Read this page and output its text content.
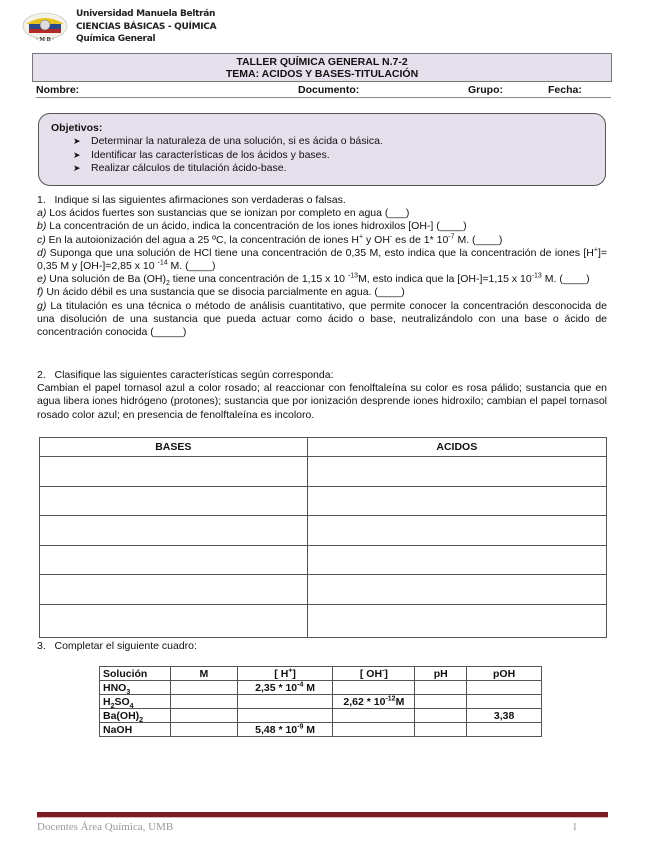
· M B ·
Universidad Manuela Beltrán
CIENCIAS BÁSICAS - QUÍMICA
Química General
TALLER QUÍMICA GENERAL N.7-2
TEMA: ACIDOS Y BASES-TITULACIÓN
Nombre:	Documento:	Grupo:	Fecha:
Objetivos:
➤ Determinar la naturaleza de una solución, si es ácida o básica.
➤ Identificar las características de los ácidos y bases.
➤ Realizar cálculos de titulación ácido-base.

1.   Indique si las siguientes afirmaciones son verdaderas o falsas.

a) Los ácidos fuertes son sustancias que se ionizan por completo en agua (___)

b) La concentración de un ácido, indica la concentración de los iones hidroxilos [OH-] (____)

c) En la autoionización del agua a 25 ºC, la concentración de iones H+ y OH- es de 1* $10^{-7}$ M. (____)

d) Suponga que una solución de HCl tiene una concentración de 0,35 M, esto indica que la concentración de iones [H+]= 0,35 M y [OH-]=2,85 x 10 $^{-14}$ M. (____)

e) Una solución de Ba $(OH)_2$ tiene una concentración de 1,15 x 10 $^{-13}$M, esto indica que la [OH-]=1,15 x $10^{-13}$ M. (____)

f) Un ácido débil es una sustancia que se disocia parcialmente en agua. (____)

g) La titulación es una técnica o método de análisis cuantitativo, que permite conocer la concentración desconocida de una disolución de una sustancia que pueda actuar como ácido o base, neutralizándolo con una base o ácido de concentración conocida (_____)

2.   Clasifique las siguientes características según corresponda:

Cambian el papel tornasol azul a color rosado; al reaccionar con fenolftaleína su color es rosa pálido; sustancia que en agua libera iones hidrógeno (protones); sustancia que por ionización desprende iones hidroxilo; cambian el papel tornasol rosado color azul; en presencia de fenolftaleína es incoloro.

BASES	ACIDOS

3.   Completar el siguiente cuadro:

Solución	M	[ H+]	[ OH-]	pH	pOH
$HNO_3$		$2,35 * 10^{-4}$ M			
$H_2SO_4$			$2,62 * 10^{-12}M$		
$Ba(OH)_2$					3,38
NaOH		$5,48 * 10^{-9}$ M			
Docentes Área Química, UMB	1
